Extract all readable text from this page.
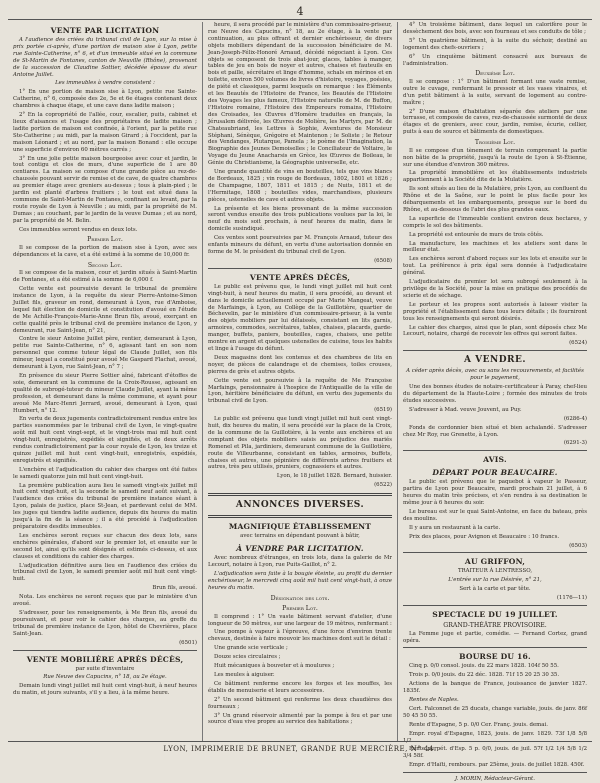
4
VENTE PAR LICITATION

A l'audience des criées du tribunal civil de Lyon, sur la mise à prix portée ci-après, d'une portion de maison sise à Lyon, petite rue Sainte-Catherine, n° 6, et d'un immeuble situé en la commune de St-Martin de Fontanes, canton de Neuville (Rhône), provenant de la succession de Claudine Sottier, décédée épouse du sieur Antoine Juillet.

Les immeubles à vendre consistent :

1° En une portion de maison sise à Lyon, petite rue Sainte-Catherine, n° 6, composée des 2e, 5e et 6e étages contenant deux chambres à chaque étage, et une cave dans ladite maison ;

2° En la copropriété de l'allée, cour, escalier, puits, cabinet et lieux d'aisances et l'usage des propriétaires de ladite maison ; ladite portion de maison est confinée, à l'orient, par la petite rue Ste-Catherine ; au midi, par la maison Girard ; à l'occident, par la maison Léonard ; et au nord, par la maison Bonand : elle occupe une superficie d'environ 60 mètres carrés ;

3° En une jolie petite maison bourgeoise avec cour et jardin, le tout contigu et clos de murs, d'une superficie de 1 are 80 centiares. La maison se compose d'une grande pièce au rez-de-chaussée pouvant servir de remise et de cave, de quatre chambres au premier étage avec greniers au-dessus ; tous à plain-pied ; le jardin est planté d'arbres fruitiers ; le tout est situé dans la commune de Saint-Martin de Fontanes, confinant au levant, par la route royale de Lyon à Neuville ; au midi, par la propriété de M. Dumas ; au couchant, par le jardin de la veuve Dumas ; et au nord, par la propriété de M. Belin.

Ces immeubles seront vendus en deux lots.

Premier Lot.

Il se compose de la portion de maison sise à Lyon, avec ses dépendances et la cave, et a été estimé à la somme de 10,000 fr.

Second Lot.

Il se compose de la maison, cour et jardin situés à Saint-Martin de Fontanes, et a été estimé à la somme de 6,000 f.

Cette vente est poursuivie devant le tribunal de première instance de Lyon, à la requête du sieur Pierre-Antoine-Simon Juillet fils, graveur en rond, demeurant à Lyon, rue d'Amboise, lequel fait élection de domicile et constitution d'avoué en l'étude de Me Achille-François-Marie-Anne Brun fils, avoué, exerçant en cette qualité près le tribunal civil de première instance de Lyon, y demeurant, rue Saint-Jean, n° 21,

Contre le sieur Antoine Juillet père, rentier, demeurant à Lyon, petite rue Sainte-Catherine, n° 6, agissant tant en son nom personnel que comme tuteur légal de Claude Juillet, son fils mineur, lequel a constitué pour avoué Me Gaspard Flachat, avoué, demeurant à Lyon, rue Saint-Jean, n° 7 ;

En présence du sieur Pierre Sottier aîné, fabricant d'étoffes de soie, demeurant en la commune de la Croix-Rousse, agissant en qualité de subrogé-tuteur du mineur Claude Juillet, ayant la même profession, et demeurant dans la même commune, et ayant pour avoué Me Marc-Henri Jerrard, avoué, demeurant à Lyon, quai Humbert, n° 12.

En vertu de deux jugements contradictoirement rendus entre les parties susnommées par le tribunal civil de Lyon, le vingt-quatre août mil huit cent vingt-sept, et le vingt-trois mai mil huit cent vingt-huit, enregistrés, expédiés et signifiés, et de deux arrêts rendus contradictoirement par la cour royale de Lyon, les treize et quinze juillet mil huit cent vingt-huit, enregistrés, expédiés, enregistrés et signifiés.

L'enchère et l'adjudication du cahier des charges ont été faites le samedi quatorze juin mil huit cent vingt-huit.

La première publication aura lieu le samedi vingt-six juillet mil huit cent vingt-huit, et la seconde le samedi neuf août suivant, à l'audience des criées du tribunal de première instance séant à Lyon, palais de justice, place St-Jean, et pardevant celui de MM. les juges qui tiendra ladite audience, depuis dix heures du matin jusqu'à la fin de la séance ; il a été procédé à l'adjudication préparatoire desdits immeubles.

Les enchères seront reçues sur chacun des deux lots, sans enchères générales, d'abord sur le premier lot, et ensuite sur le second lot, ainsi qu'ils sont désignés et estimés ci-dessus, et aux clauses et conditions du cahier des charges.

L'adjudication définitive aura lieu en l'audience des criées du tribunal civil de Lyon, le samedi premier août mil huit cent vingt-huit.

Brun fils, avoué.

Nota. Les enchères ne seront reçues que par le ministère d'un avoué.

S'adresser, pour les renseignements, à Me Brun fils, avoué du poursuivant, et pour voir le cahier des charges, au greffe du tribunal de première instance de Lyon, hôtel de Chevrières, place Saint-Jean.

(6501)

VENTE MOBILIÈRE APRÈS DÉCÈS,

par suite d'inventaire

Rue Neuve des Capucins, n° 18, au 2e étage.

Demain lundi vingt juillet mil huit cent vingt-huit, à neuf heures du matin, et jours suivants, s'il y a lieu, à la même heure.

heure, il sera procédé par le ministère d'un commissaire-priseur, rue Neuve des Capucins, n° 18, au 2e étage, à la vente par continuation, au plus offrant et dernier enchérisseur, de divers objets mobiliers dépendant de la succession bénéficiaire de M. Jean-Joseph-Félix-Honoré Arnaud, décédé négociant à Lyon. Ces objets se composent de trois abat-jour, glaces, tables à manger, tables de jeu en bois de noyer et autres, chaises et fauteuils en bois et paille, sécrétaire et linge d'homme, schals en mérinos et en toilette, environ 500 volumes de livres d'histoire, voyages, poésies, de piété et classiques, parmi lesquels on remarque : les Éléments et les Beautés de l'Histoire de France, les Beautés de l'Histoire des Voyages les plus fameux, l'Histoire naturelle de M. de Buffon, l'Histoire romaine, l'Histoire des Empereurs romains, l'Histoire des Croisades, les Œuvres d'Homère traduites en français, la Jérusalem délivrée, les Œuvres de Molière, les Martyrs, par M. de Chateaubriand, les Lettres à Sophie, Aventures de Monsieur Stéphani, Sénèque, Grégoire et Maintenon ; le Soliste ; le Retour des Vendanges, Plutarque, Pamela ; le poème de l'Imagination, la Biographie des Jeunes Demoiselles ; le Conciliateur de Voltaire, le Voyage du Jeune Anacharsis en Grèce, les Œuvres de Boileau, le Génie du Christianisme, la Géographie universelle, etc.

Une grande quantité de vins en bouteilles, tels que vins blancs de Bordeaux, 1825 ; vin rouge de Bordeaux, 1802, 1801 et 1826 ; de Champagne, 1807, 1811 et 1815 ; de Nuits, 1811 et de l'Hermitage, 1808 ; bouteilles vides, marchandises, plusieurs pièces, ustensiles de cave et autres objets.

La présente et les biens provenant de la même succession seront vendus ensuite des trois publications voulues par la loi, le neuf du mois soit prochain, à neuf heures du matin, dans le domicile susindiqué.

Ces ventes sont poursuivies par M. François Arnaud, tuteur des enfants mineurs du défunt, en vertu d'une autorisation donnée en forme de M. le président du tribunal civil de Lyon.

(6508)

VENTE APRÈS DÉCÈS,

Le public est prévenu que, le lundi vingt juillet mil huit cent vingt-huit, à neuf heures du matin, il sera procédé, au devant et dans le domicile actuellement occupé par Marie Mangeat, veuve de Marfaings, à Lyon, au Collège de la Guillotière, quartier de Béchevelin, par le ministère d'un commissaire-priseur, à la vente des objets mobiliers par lui délaissés, consistant en lits garnis, armoires, commodes, secrétaires, tables, chaises, placards, garde-manger, buffets, paniers, bouteilles, cages, chaises, une petite montre en argent et quelques ustensiles de cuisine, tous les habits et linge à l'usage du défunt.

Deux magasins dont les contenus et des chambres de lits en noyer, de pièces de calandrage et de chemises, toiles crouses, pierres de grès et autres objets.

Cette vente est poursuivie à la requête de Me Françoise Marfaings, pensionnaire à l'hospice de l'Antiquaille de la ville de Lyon, héritière bénéficiaire du défunt, en vertu des jugements du tribunal civil de Lyon.

(6519)

Le public est prévenu que lundi vingt juillet mil huit cent vingt-huit, dix heures du matin, il sera procédé sur la place de la Croix, de la commune de la Guillotière, à la vente aux enchères et au comptant des objets mobiliers saisis au préjudice des mariés Romenel et Pila, jardiniers, demeurant commune de la Guillotière, route de Villeurbanne, consistant en tables, armoires, buffets, chaises et autres, une pépinière de différents arbres fruitiers et autres, très peu utilisés, pruniers, cognassiers et autres.

Lyon, le 18 juillet 1828. Bernard, huissier.

(6522)

ANNONCES DIVERSES.
MAGNIFIQUE ÉTABLISSEMENT

avec terrains en dépendant pouvant à bâtir,

À VENDRE PAR LICITATION.

Avec nombreux d'étranges, en trois lots, dans la galerie de Mr Lecourt, notaire à Lyon, rue Puits-Gaillot, n° 2.

L'adjudication sera faite à la bougie éteinte, au profit du dernier enchérisseur, le mercredi cinq août mil huit cent vingt-huit, à onze heures du matin.

Désignation des lots.
Premier Lot.

Il comprend : 1° Un vaste bâtiment servant d'atelier, d'une longueur de 50 mètres, sur une largeur de 19 mètres, renfermant :

Une pompe à vapeur à l'épreuve, d'une force d'environ trente chevaux, destinée à faire mouvoir les machines dont suit le détail :

Une grande scie verticale ;

Douze scies circulaires ;

Huit mécaniques à bouveter et à moulures ;

Les meules à aiguiser.

Ce bâtiment renferme encore les forges et les mouffes, les établis de menuiserie et leurs accessoires.

2° Un second bâtiment qui renferme les deux chaudières des fourneaux ;

3° Un grand réservoir alimenté par la pompe à feu et par une source d'eau vive propre au service des habitations ;

4° Un troisième bâtiment, dans lequel un calorifère pour le dessèchement des bois, avec son fourneau et ses conduits de tôle ;

5° Un quatrième bâtiment, à la suite du séchoir, destiné au logement des chefs-ouvriers ;

6° Un cinquième bâtiment consacré aux bureaux de l'administration.

Deuxième Lot.

Il se compose : 1° D'un bâtiment formant une vaste remise, outre le cuvage, renfermant le pressoir et les vases vinaires, et d'un petit bâtiment à la suite, servant de logement au contre-maître ;

2° D'une maison d'habitation séparée des ateliers par une terrasse, et composée de caves, rez-de-chaussée surmonté de deux étages et de greniers, avec cour, jardin, remise, écurie, cellier, puits à eau de source et bâtiments de domestiques.

Troisième Lot.

Il se compose d'un tènement de terrain comprenant la partie non bâtie de la propriété, jusqu'à la route de Lyon à St-Étienne, sur une étendue d'environ 360 mètres.

La propriété immobilière et les établissements industriels appartiennent à la Société dite de la Mulatière.

Ils sont situés au lieu de la Mulatière, près Lyon, au confluent du Rhône et de la Saône, sur le point le plus facile pour les débarquements et les embarquements, presque sur le bord du Rhône, et au-dessous de l'abri des plus grandes eaux.

La superficie de l'immeuble contient environ deux hectares, y compris le sol des bâtiments.

La propriété est entourée de murs de trois côtés.

La manufacture, les machines et les ateliers sont dans le meilleur état.

Les enchères seront d'abord reçues sur les lots et ensuite sur le tout. La préférence à prix égal sera donnée à l'adjudicataire général.

L'adjudicataire du premier lot sera subrogé seulement à la privilège de la Société, pour la mise en pratique des procédés de scierie et de séchage.

Le porteur et les propres sont autorisés à laisser visiter la propriété et l'établissement dans tous leurs détails ; ils fourniront tous les renseignements qui seront désirés.

Le cahier des charges, ainsi que le plan, sont déposés chez Me Lecourt, notaire, chargé de recevoir les offres qui seront faites.

(6524)

A VENDRE.

A céder après décès, avec ou sans les recouvrements, et facilités pour le payement,

Une des bonnes études de notaire-certificateur à Paray, chef-lieu du département de la Haute-Loire ; formée des minutes de trois études successives.

S'adresser à Mad. veuve Jouvent, au Puy.

(6286-4)

Fonds de cordonnier bien situé et bien achalandé. S'adresser chez Mr Roy, rue Grenette, à Lyon.

(6291-3)

AVIS.
DÉPART POUR BEAUCAIRE.

Le public est prévenu que le paquebot à vapeur le Passeur, partira de Lyon pour Beaucaire, mardi prochain 21 juillet, à 6 heures du matin très précises, et s'en rendra à sa destination le même jour à 6 heures du soir.

Le bureau est sur le quai Saint-Antoine, en face du bateau, près des moulins.

Il y aura un restaurant à la carte.

Prix des places, pour Avignon et Beaucaire : 10 francs.

(6503)

AU GRIFFON,

TRAITEUR À LENTRESSO,

L'entrée sur la rue Désirée, n° 21,

Sert à la carte et par tête.

(1176—11)

SPECTACLE DU 19 JUILLET.
GRAND-THÉÂTRE PROVISOIRE.

La Femme juge et partie, comédie. — Fernand Cortez, grand opéra.

BOURSE DU 16.

Cinq p. 0/0 consol. jouis. du 22 mars 1828. 104f 50 55.

Trois p. 0/0 jouis. du 22 déc. 1828. 71f 15 20 25 30 35.

Actions de la banque de France, jouissance de janvier 1827. 1835f.

Rentes de Naples.

Cert. Falconnet de 25 ducats, change variable, jouis. de janv. 86f 50 45 50 55.

Rente d'Espagne, 5 p. 0/0 Cer. Franç. jouis. demai.

Empr. royal d'Espagne, 1823, jouis. de janv. 1829. 73f 1/8 5/8 1/2.

Rente perpét. d'Esp. 5 p. 0/0, jouis. de juil. 57f 1/2 1/4 5/8 1/2 3/4 58f.

Empr. d'Haïti, rembours. par 25ème, jouis. de juillet 1828. 450f.

J. MORIN, Rédacteur-Gérant.

LYON, IMPRIMERIE DE BRUNET, GRANDE RUE MERCIÈRE, N° 44.
